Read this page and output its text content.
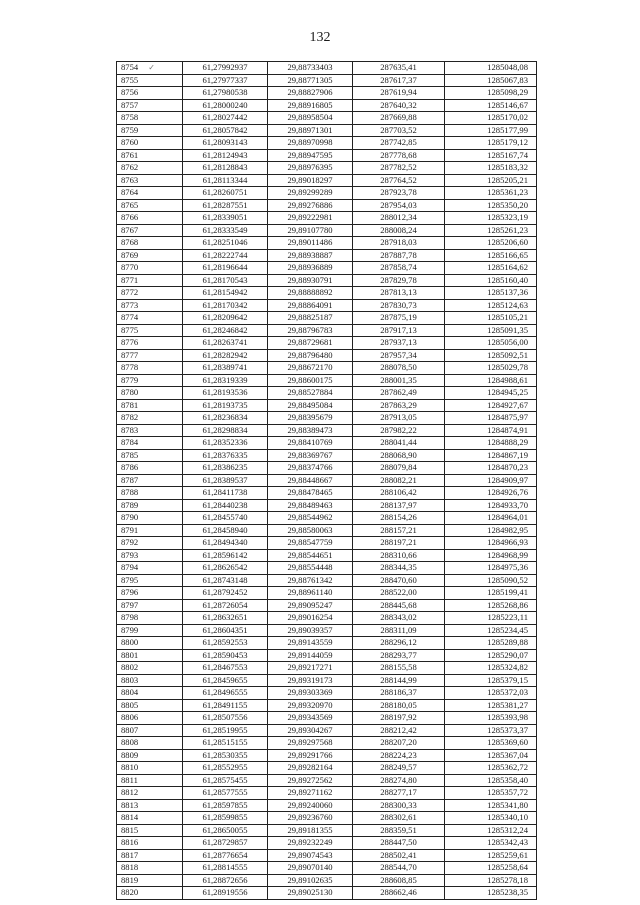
132
8754 ✓	61,27992937	29,88733403	287635,41	1285048,08
8755	61,27977337	29,88771305	287617,37	1285067,83
8756	61,27980538	29,88827906	287619,94	1285098,29
8757	61,28000240	29,88916805	287640,32	1285146,67
8758	61,28027442	29,88958504	287669,88	1285170,02
8759	61,28057842	29,88971301	287703,52	1285177,99
8760	61,28093143	29,88970998	287742,85	1285179,12
8761	61,28124943	29,88947595	287778,68	1285167,74
8762	61,28128843	29,88976395	287782,52	1285183,32
8763	61,28113344	29,89018297	287764,52	1285205,21
8764	61,28260751	29,89299289	287923,78	1285361,23
8765	61,28287551	29,89276886	287954,03	1285350,20
8766	61,28339051	29,89222981	288012,34	1285323,19
8767	61,28333549	29,89107780	288008,24	1285261,23
8768	61,28251046	29,89011486	287918,03	1285206,60
8769	61,28222744	29,88938887	287887,78	1285166,65
8770	61,28196644	29,88936889	287858,74	1285164,62
8771	61,28170543	29,88930791	287829,78	1285160,40
8772	61,28154942	29,88888892	287813,13	1285137,36
8773	61,28170342	29,88864091	287830,73	1285124,63
8774	61,28209642	29,88825187	287875,19	1285105,21
8775	61,28246842	29,88796783	287917,13	1285091,35
8776	61,28263741	29,88729681	287937,13	1285056,00
8777	61,28282942	29,88796480	287957,34	1285092,51
8778	61,28389741	29,88672170	288078,50	1285029,78
8779	61,28319339	29,88600175	288001,35	1284988,61
8780	61,28193536	29,88527884	287862,49	1284945,25
8781	61,28193735	29,88495084	287863,29	1284927,67
8782	61,28236834	29,88395679	287913,05	1284875,97
8783	61,28298834	29,88389473	287982,22	1284874,91
8784	61,28352336	29,88410769	288041,44	1284888,29
8785	61,28376335	29,88369767	288068,90	1284867,19
8786	61,28386235	29,88374766	288079,84	1284870,23
8787	61,28389537	29,88448667	288082,21	1284909,97
8788	61,28411738	29,88478465	288106,42	1284926,76
8789	61,28440238	29,88489463	288137,97	1284933,70
8790	61,28455740	29,88544962	288154,26	1284964,01
8791	61,28458940	29,88580063	288157,21	1284982,95
8792	61,28494340	29,88547759	288197,21	1284966,93
8793	61,28596142	29,88544651	288310,66	1284968,99
8794	61,28626542	29,88554448	288344,35	1284975,36
8795	61,28743148	29,88761342	288470,60	1285090,52
8796	61,28792452	29,88961140	288522,00	1285199,41
8797	61,28726054	29,89095247	288445,68	1285268,86
8798	61,28632651	29,89016254	288343,02	1285223,11
8799	61,28604351	29,89039357	288311,09	1285234,45
8800	61,28592553	29,89143559	288296,12	1285289,88
8801	61,28590453	29,89144059	288293,77	1285290,07
8802	61,28467553	29,89217271	288155,58	1285324,82
8803	61,28459655	29,89319173	288144,99	1285379,15
8804	61,28496555	29,89303369	288186,37	1285372,03
8805	61,28491155	29,89320970	288180,05	1285381,27
8806	61,28507556	29,89343569	288197,92	1285393,98
8807	61,28519955	29,89304267	288212,42	1285373,37
8808	61,28515155	29,89297568	288207,20	1285369,60
8809	61,28530355	29,89291766	288224,23	1285367,04
8810	61,28552955	29,89282164	288249,57	1285362,72
8811	61,28575455	29,89272562	288274,80	1285358,40
8812	61,28577555	29,89271162	288277,17	1285357,72
8813	61,28597855	29,89240060	288300,33	1285341,80
8814	61,28599855	29,89236760	288302,61	1285340,10
8815	61,28650055	29,89181355	288359,51	1285312,24
8816	61,28729857	29,89232249	288447,50	1285342,43
8817	61,28776654	29,89074543	288502,41	1285259,61
8818	61,28814555	29,89070140	288544,70	1285258,64
8819	61,28872656	29,89102635	288608,85	1285278,18
8820	61,28919556	29,89025130	288662,46	1285238,35
